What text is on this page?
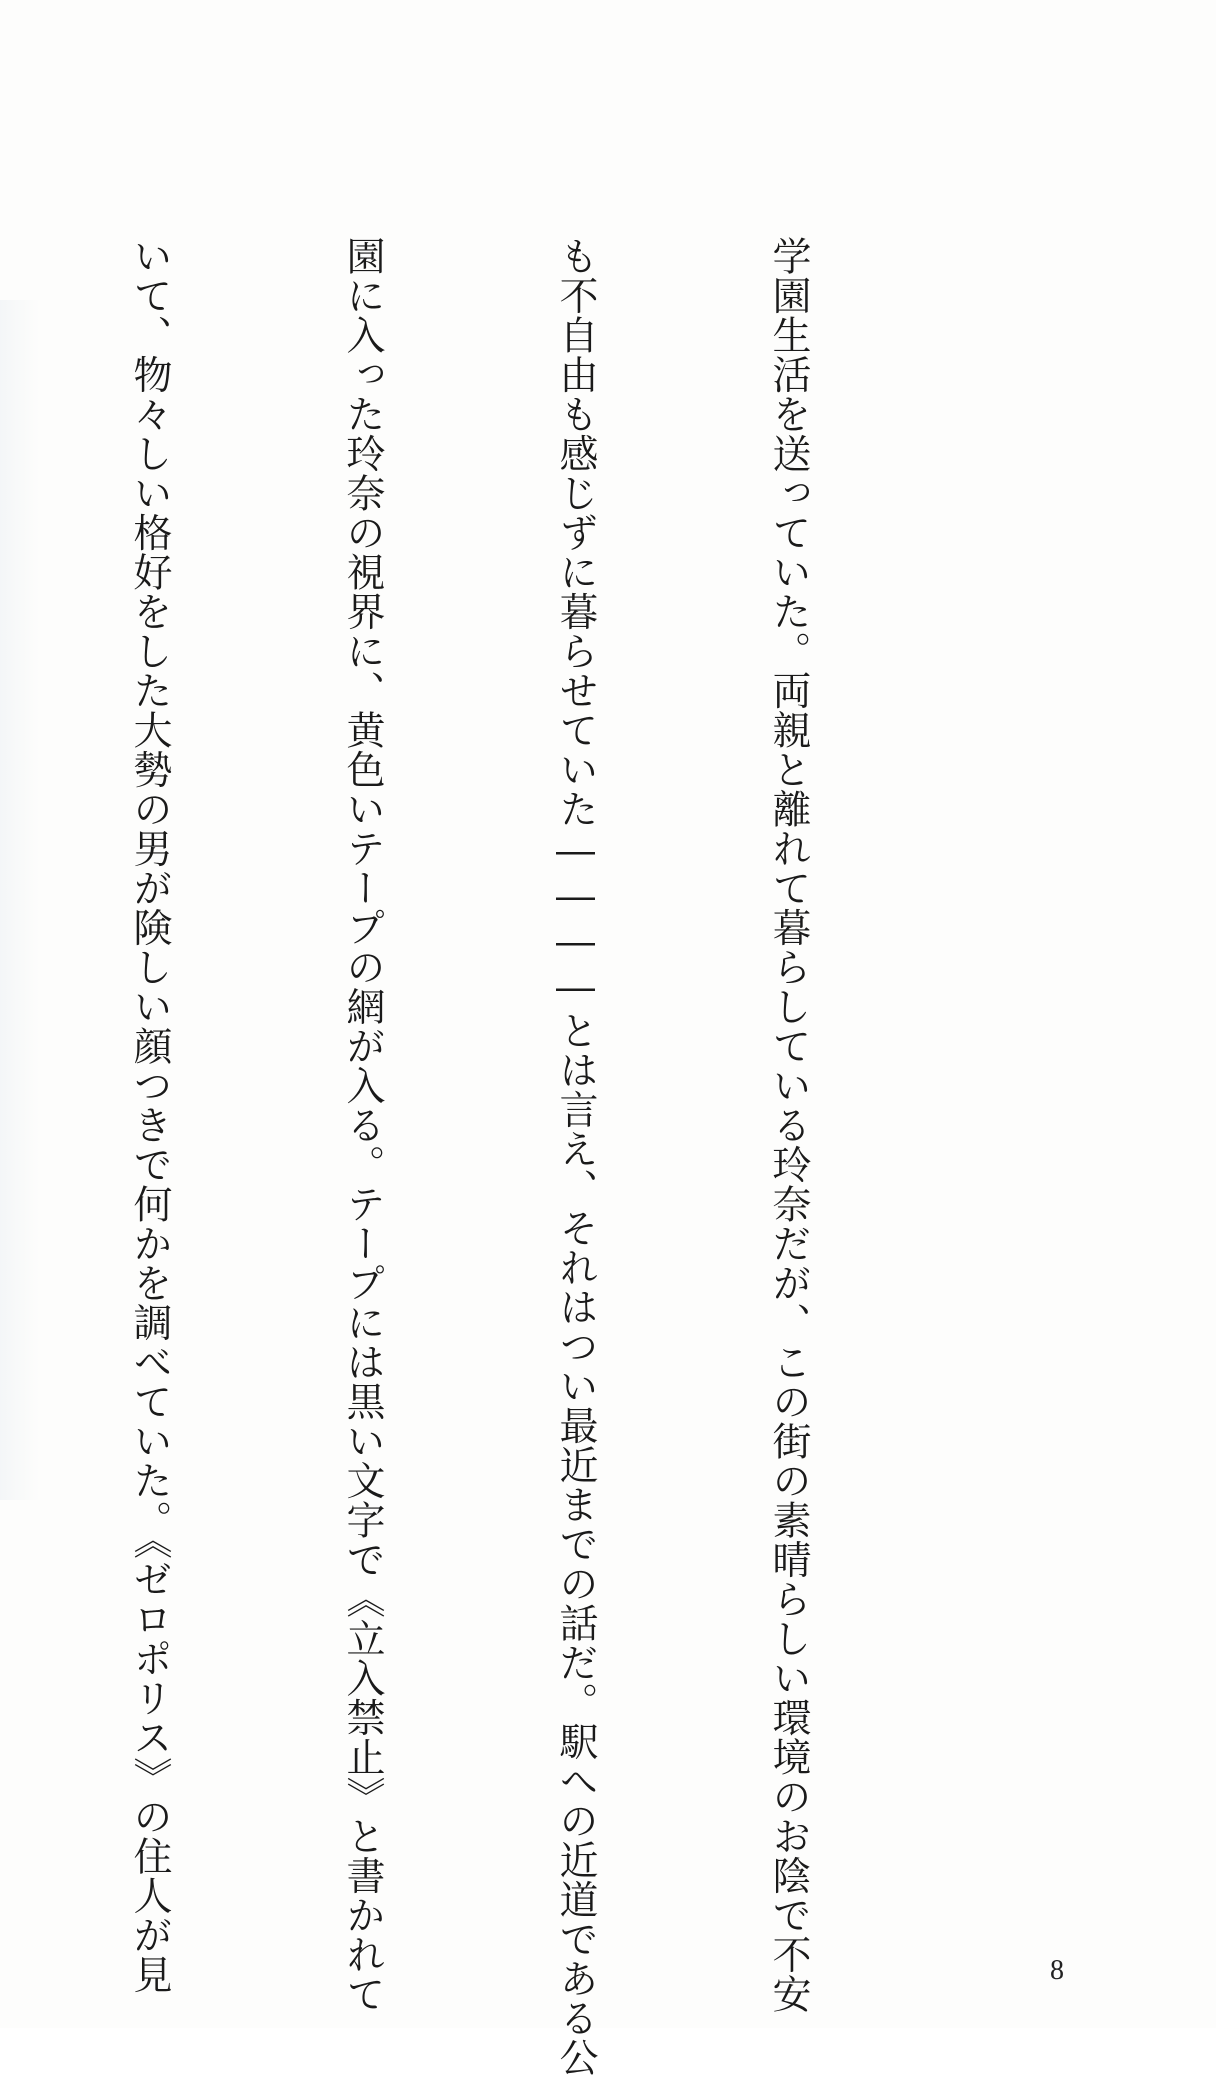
学園生活を送っていた。両親と離れて暮らしている玲奈だが、この街の素晴らしい環境のお陰で不安

も不自由も感じずに暮らせていた――――とは言え、それはつい最近までの話だ。駅への近道である公

園に入った玲奈の視界に、黄色いテープの網が入る。テープには黒い文字で《立入禁止》と書かれて

いて、物々しい格好をした大勢の男が険しい顔つきで何かを調べていた。《ゼロポリス》の住人が見

	8
